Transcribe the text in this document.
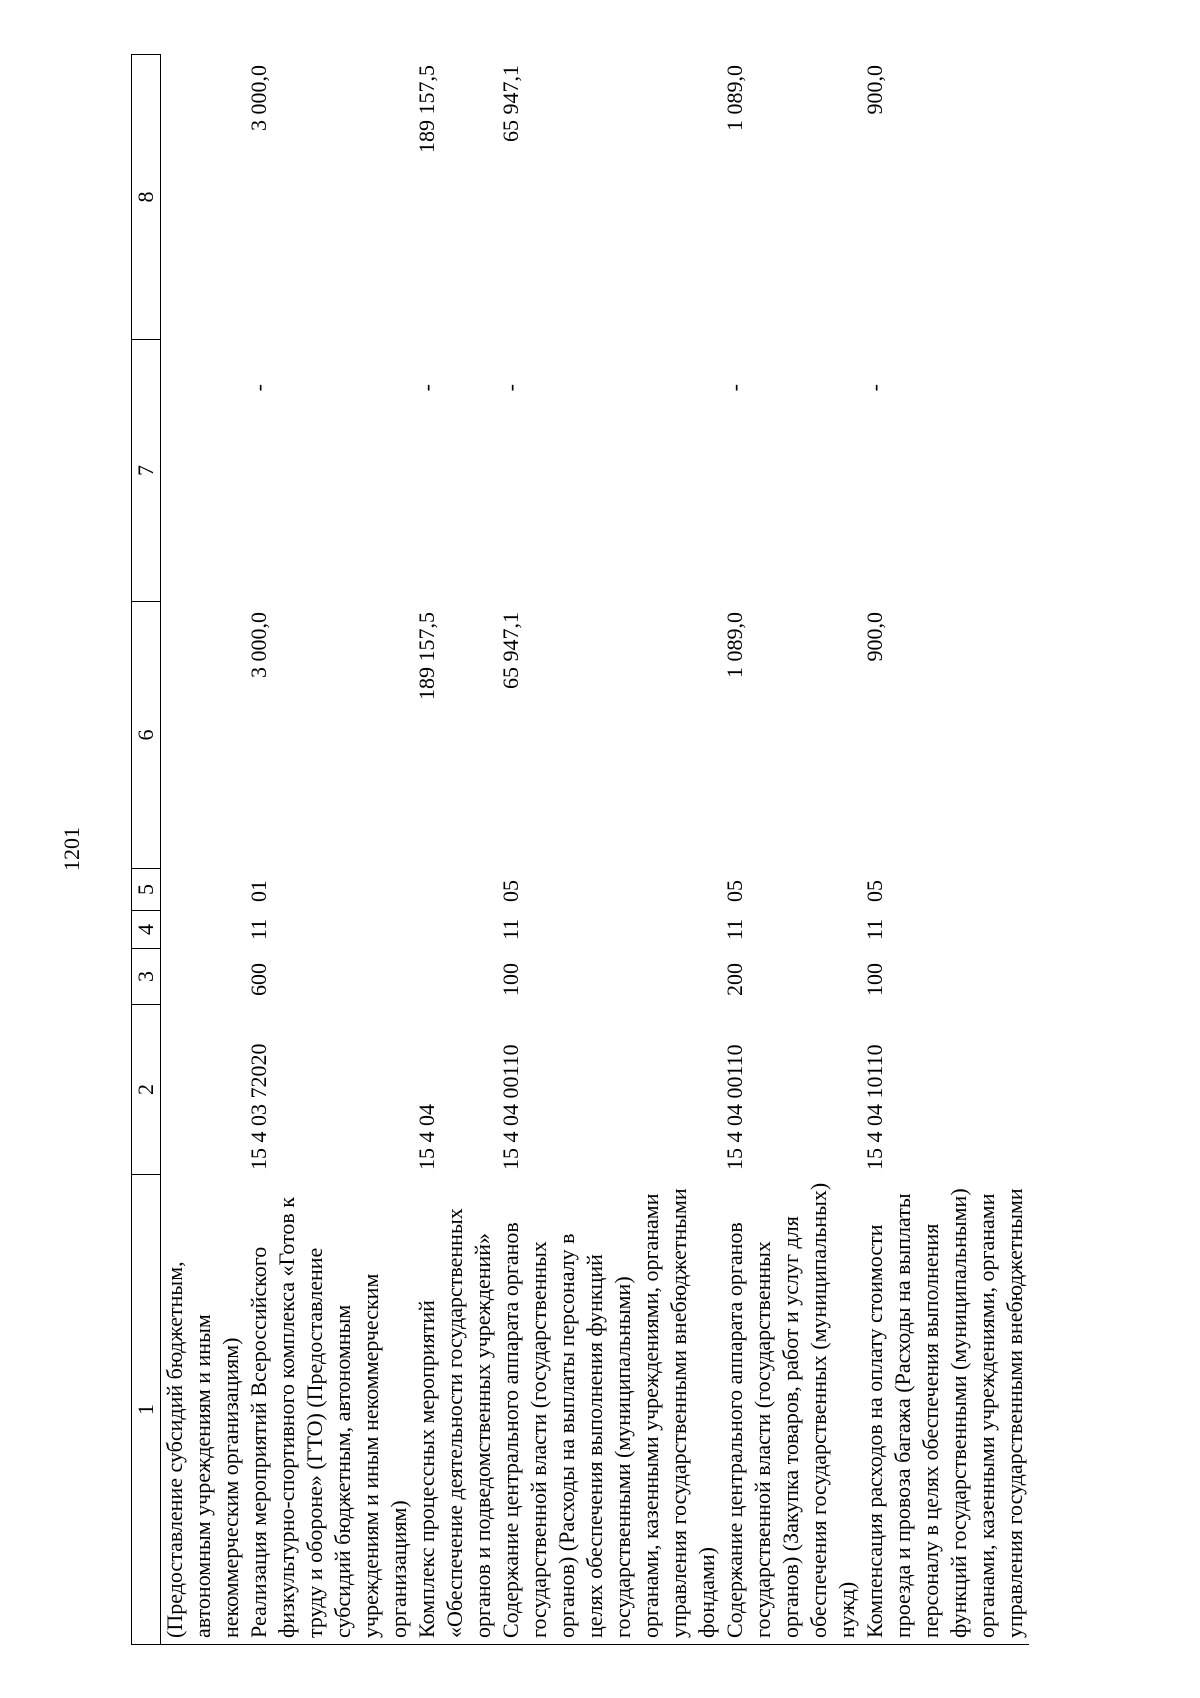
1201
1	2	3	4	5	6	7	8
(Предоставление субсидий бюджетным, автономным учреждениям и иным некоммерческим организациям)							
Реализация мероприятий Всероссийского физкультурно-спортивного комплекса «Готов к труду и обороне» (ГТО) (Предоставление субсидий бюджетным, автономным учреждениям и иным некоммерческим организациям)	15 4 03 72020	600	11	01	3 000,0	-	3 000,0
Комплекс процессных мероприятий «Обеспечение деятельности государственных органов и подведомственных учреждений»	15 4 04				189 157,5	-	189 157,5
Содержание центрального аппарата органов государственной власти (государственных органов) (Расходы на выплаты персоналу в целях обеспечения выполнения функций государственными (муниципальными) органами, казенными учреждениями, органами управления государственными внебюджетными фондами)	15 4 04 00110	100	11	05	65 947,1	-	65 947,1
Содержание центрального аппарата органов государственной власти (государственных органов) (Закупка товаров, работ и услуг для обеспечения государственных (муниципальных) нужд)	15 4 04 00110	200	11	05	1 089,0	-	1 089,0
Компенсация расходов на оплату стоимости проезда и провоза багажа (Расходы на выплаты персоналу в целях обеспечения выполнения функций государственными (муниципальными) органами, казенными учреждениями, органами управления государственными внебюджетными	15 4 04 10110	100	11	05	900,0	-	900,0
